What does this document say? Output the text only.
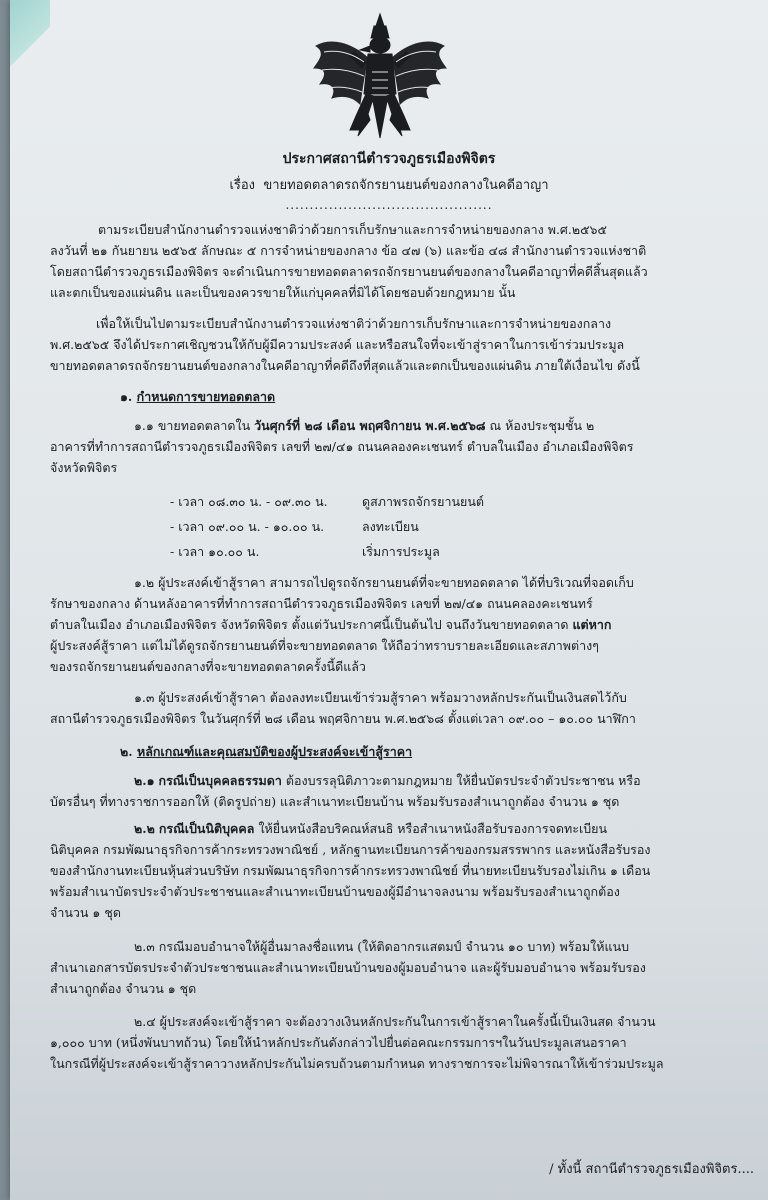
ประกาศสถานีตำรวจภูธรเมืองพิจิตร
เรื่อง ขายทอดตลาดรถจักรยานยนต์ของกลางในคดีอาญา
...........................................
ตามระเบียบสำนักงานตำรวจแห่งชาติว่าด้วยการเก็บรักษาและการจำหน่ายของกลาง พ.ศ.๒๕๖๕
ลงวันที่ ๒๑ กันยายน ๒๕๖๕ ลักษณะ ๕ การจำหน่ายของกลาง ข้อ ๔๗ (๖) และข้อ ๔๘ สำนักงานตำรวจแห่งชาติ
โดยสถานีตำรวจภูธรเมืองพิจิตร จะดำเนินการขายทอดตลาดรถจักรยานยนต์ของกลางในคดีอาญาที่คดีสิ้นสุดแล้ว
และตกเป็นของแผ่นดิน และเป็นของควรขายให้แก่บุคคลที่มิได้โดยชอบด้วยกฎหมาย นั้น
เพื่อให้เป็นไปตามระเบียบสำนักงานตำรวจแห่งชาติว่าด้วยการเก็บรักษาและการจำหน่ายของกลาง
พ.ศ.๒๕๖๕ จึงได้ประกาศเชิญชวนให้กับผู้มีความประสงค์ และหรือสนใจที่จะเข้าสู่ราคาในการเข้าร่วมประมูล
ขายทอดตลาดรถจักรยานยนต์ของกลางในคดีอาญาที่คดีถึงที่สุดแล้วและตกเป็นของแผ่นดิน ภายใต้เงื่อนไข ดังนี้
๑. กำหนดการขายทอดตลาด
๑.๑ ขายทอดตลาดใน วันศุกร์ที่ ๒๘ เดือน พฤศจิกายน พ.ศ.๒๕๖๘ ณ ห้องประชุมชั้น ๒
อาคารที่ทำการสถานีตำรวจภูธรเมืองพิจิตร เลขที่ ๒๗/๔๑ ถนนคลองคะเชนทร์ ตำบลในเมือง อำเภอเมืองพิจิตร
จังหวัดพิจิตร
- เวลา ๐๘.๓๐ น. - ๐๙.๓๐ น.	ดูสภาพรถจักรยานยนต์
- เวลา ๐๙.๐๐ น. - ๑๐.๐๐ น.	ลงทะเบียน
- เวลา ๑๐.๐๐ น.	เริ่มการประมูล
๑.๒ ผู้ประสงค์เข้าสู้ราคา สามารถไปดูรถจักรยานยนต์ที่จะขายทอดตลาด ได้ที่บริเวณที่จอดเก็บ
รักษาของกลาง ด้านหลังอาคารที่ทำการสถานีตำรวจภูธรเมืองพิจิตร เลขที่ ๒๗/๔๑ ถนนคลองคะเชนทร์
ตำบลในเมือง อำเภอเมืองพิจิตร จังหวัดพิจิตร ตั้งแต่วันประกาศนี้เป็นต้นไป จนถึงวันขายทอดตลาด แต่หาก
ผู้ประสงค์สู้ราคา แต่ไม่ได้ดูรถจักรยานยนต์ที่จะขายทอดตลาด ให้ถือว่าทราบรายละเอียดและสภาพต่างๆ
ของรถจักรยานยนต์ของกลางที่จะขายทอดตลาดครั้งนี้ดีแล้ว
๑.๓ ผู้ประสงค์เข้าสู้ราคา ต้องลงทะเบียนเข้าร่วมสู้ราคา พร้อมวางหลักประกันเป็นเงินสดไว้กับ
สถานีตำรวจภูธรเมืองพิจิตร ในวันศุกร์ที่ ๒๘ เดือน พฤศจิกายน พ.ศ.๒๕๖๘ ตั้งแต่เวลา ๐๙.๐๐ – ๑๐.๐๐ นาฬิกา
๒. หลักเกณฑ์และคุณสมบัติของผู้ประสงค์จะเข้าสู้ราคา
๒.๑ กรณีเป็นบุคคลธรรมดา ต้องบรรลุนิติภาวะตามกฎหมาย ให้ยื่นบัตรประจำตัวประชาชน หรือ
บัตรอื่นๆ ที่ทางราชการออกให้ (ติดรูปถ่าย) และสำเนาทะเบียนบ้าน พร้อมรับรองสำเนาถูกต้อง จำนวน ๑ ชุด
๒.๒ กรณีเป็นนิติบุคคล ให้ยื่นหนังสือบริคณห์สนธิ หรือสำเนาหนังสือรับรองการจดทะเบียน
นิติบุคคล กรมพัฒนาธุรกิจการค้ากระทรวงพาณิชย์ , หลักฐานทะเบียนการค้าของกรมสรรพากร และหนังสือรับรอง
ของสำนักงานทะเบียนหุ้นส่วนบริษัท กรมพัฒนาธุรกิจการค้ากระทรวงพาณิชย์ ที่นายทะเบียนรับรองไม่เกิน ๑ เดือน
พร้อมสำเนาบัตรประจำตัวประชาชนและสำเนาทะเบียนบ้านของผู้มีอำนาจลงนาม พร้อมรับรองสำเนาถูกต้อง
จำนวน ๑ ชุด
๒.๓ กรณีมอบอำนาจให้ผู้อื่นมาลงชื่อแทน (ให้ติดอากรแสตมป์ จำนวน ๑๐ บาท) พร้อมให้แนบ
สำเนาเอกสารบัตรประจำตัวประชาชนและสำเนาทะเบียนบ้านของผู้มอบอำนาจ และผู้รับมอบอำนาจ พร้อมรับรอง
สำเนาถูกต้อง จำนวน ๑ ชุด
๒.๔ ผู้ประสงค์จะเข้าสู้ราคา จะต้องวางเงินหลักประกันในการเข้าสู้ราคาในครั้งนี้เป็นเงินสด จำนวน
๑,๐๐๐ บาท (หนึ่งพันบาทถ้วน) โดยให้นำหลักประกันดังกล่าวไปยื่นต่อคณะกรรมการฯในวันประมูลเสนอราคา
ในกรณีที่ผู้ประสงค์จะเข้าสู้ราคาวางหลักประกันไม่ครบถ้วนตามกำหนด ทางราชการจะไม่พิจารณาให้เข้าร่วมประมูล
/ ทั้งนี้ สถานีตำรวจภูธรเมืองพิจิตร....
